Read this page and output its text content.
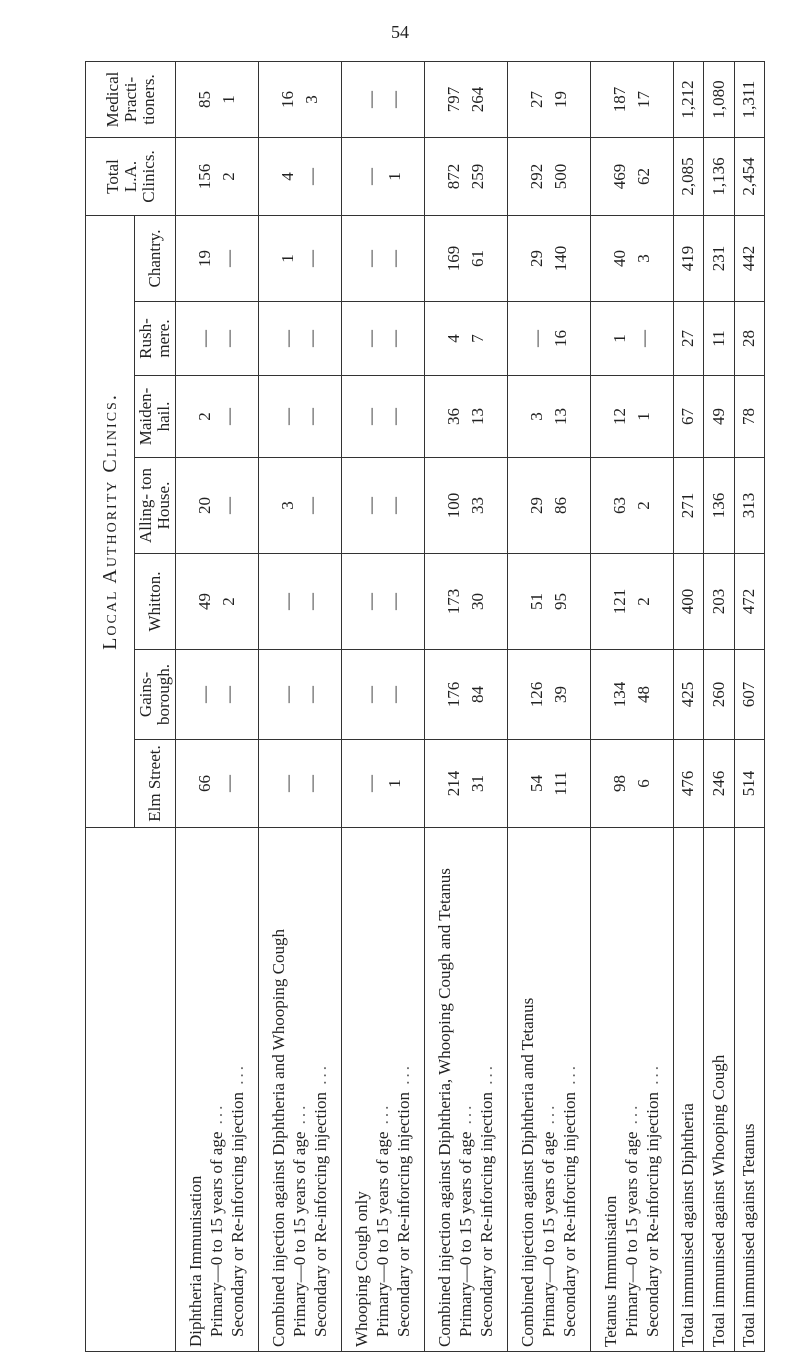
54
	Local Authority Clinics.							Total L.A. Clinics.	Medical Practi- tioners.
	Elm Street.	Gains- borough.	Whitton.	Alling- ton House.	Maiden- hail.	Rush- mere.	Chantry.		

Diphtheria Immunisation Primary—0 to 15 years of age ... Secondary or Re-inforcing injection ...	66 —	— —	49 2	20 —	2 —	— —	19 —	156 2	85 1

Combined injection against Diphtheria and Whooping Cough Primary—0 to 15 years of age ... Secondary or Re-inforcing injection ...	— —	— —	— —	3 —	— —	— —	1 —	4 —	16 3

Whooping Cough only Primary—0 to 15 years of age ... Secondary or Re-inforcing injection ...	— 1	— —	— —	— —	— —	— —	— —	— 1	— —

Combined injection against Diphtheria, Whooping Cough and Tetanus Primary—0 to 15 years of age ... Secondary or Re-inforcing injection ...	214 31	176 84	173 30	100 33	36 13	4 7	169 61	872 259	797 264

Combined injection against Diphtheria and Tetanus Primary—0 to 15 years of age ... Secondary or Re-inforcing injection ...	54 111	126 39	51 95	29 86	3 13	— 16	29 140	292 500	27 19

Tetanus Immunisation Primary—0 to 15 years of age ... Secondary or Re-inforcing injection ...	98 6	134 48	121 2	63 2	12 1	1 —	40 3	469 62	187 17

Total immunised against Diphtheria	476	425	400	271	67	27	419	2,085	1,212
Total immunised against Whooping Cough	246	260	203	136	49	11	231	1,136	1,080
Total immunised against Tetanus	514	607	472	313	78	28	442	2,454	1,311
